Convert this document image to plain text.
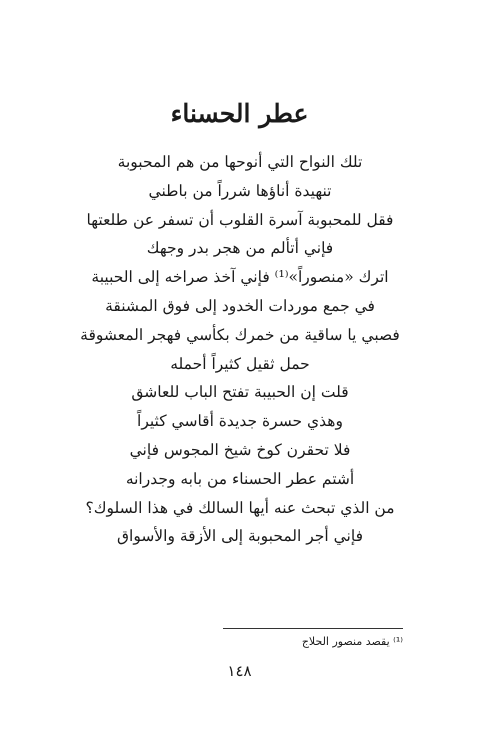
عطر الحسناء
تلك النواح التي أنوحها من هم المحبوبة
تنهيدة أناؤها شرراً من باطني
فقل للمحبوبة آسرة القلوب أن تسفر عن طلعتها
فإني أتألم من هجر بدر وجهك
اترك «منصوراً»⁽¹⁾ فإني آخذ صراخه إلى الحبيبة
في جمع موردات الخدود إلى فوق المشنقة
فصبي يا ساقية من خمرك بكأسي فهجر المعشوقة
حمل ثقيل كثيراً أحمله
قلت إن الحبيبة تفتح الباب للعاشق
وهذي حسرة جديدة أقاسي كثيراً
فلا تحقرن كوخ شيخ المجوس فإني
أشتم عطر الحسناء من بابه وجدرانه
من الذي تبحث عنه أيها السالك في هذا السلوك؟
فإني أجر المحبوبة إلى الأزقة والأسواق
⁽¹⁾ يقصد منصور الحلاج
١٤٨
